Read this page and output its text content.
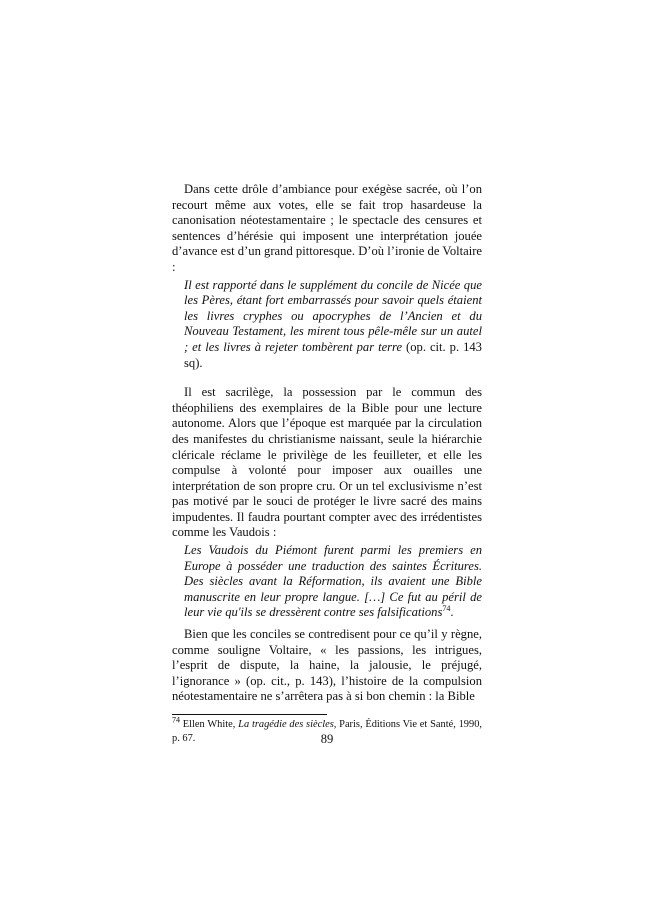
Dans cette drôle d’ambiance pour exégèse sacrée, où l’on recourt même aux votes, elle se fait trop hasardeuse la canonisation néotestamentaire ; le spectacle des censures et sentences d’hérésie qui imposent une interprétation jouée d’avance est d’un grand pittoresque. D’où l’ironie de Voltaire :

Il est rapporté dans le supplément du concile de Nicée que les Pères, étant fort embarrassés pour savoir quels étaient les livres cryphes ou apocryphes de l’Ancien et du Nouveau Testament, les mirent tous pêle-mêle sur un autel ; et les livres à rejeter tombèrent par terre (op. cit. p. 143 sq).

Il est sacrilège, la possession par le commun des théophiliens des exemplaires de la Bible pour une lecture autonome. Alors que l’époque est marquée par la circulation des manifestes du christianisme naissant, seule la hiérarchie cléricale réclame le privilège de les feuilleter, et elle les compulse à volonté pour imposer aux ouailles une interprétation de son propre cru. Or un tel exclusivisme n’est pas motivé par le souci de protéger le livre sacré des mains impudentes. Il faudra pourtant compter avec des irrédentistes comme les Vaudois :

Les Vaudois du Piémont furent parmi les premiers en Europe à posséder une traduction des saintes Écritures. Des siècles avant la Réformation, ils avaient une Bible manuscrite en leur propre langue. […] Ce fut au péril de leur vie qu'ils se dressèrent contre ses falsifications$^{74}$.

Bien que les conciles se contredisent pour ce qu’il y règne, comme souligne Voltaire, « les passions, les intrigues, l’esprit de dispute, la haine, la jalousie, le préjugé, l’ignorance » (op. cit., p. 143), l’histoire de la compulsion néotestamentaire ne s’arrêtera pas à si bon chemin : la Bible

$^{74}$ Ellen White, La tragédie des siècles, Paris, Éditions Vie et Santé, 1990, p. 67.	89
